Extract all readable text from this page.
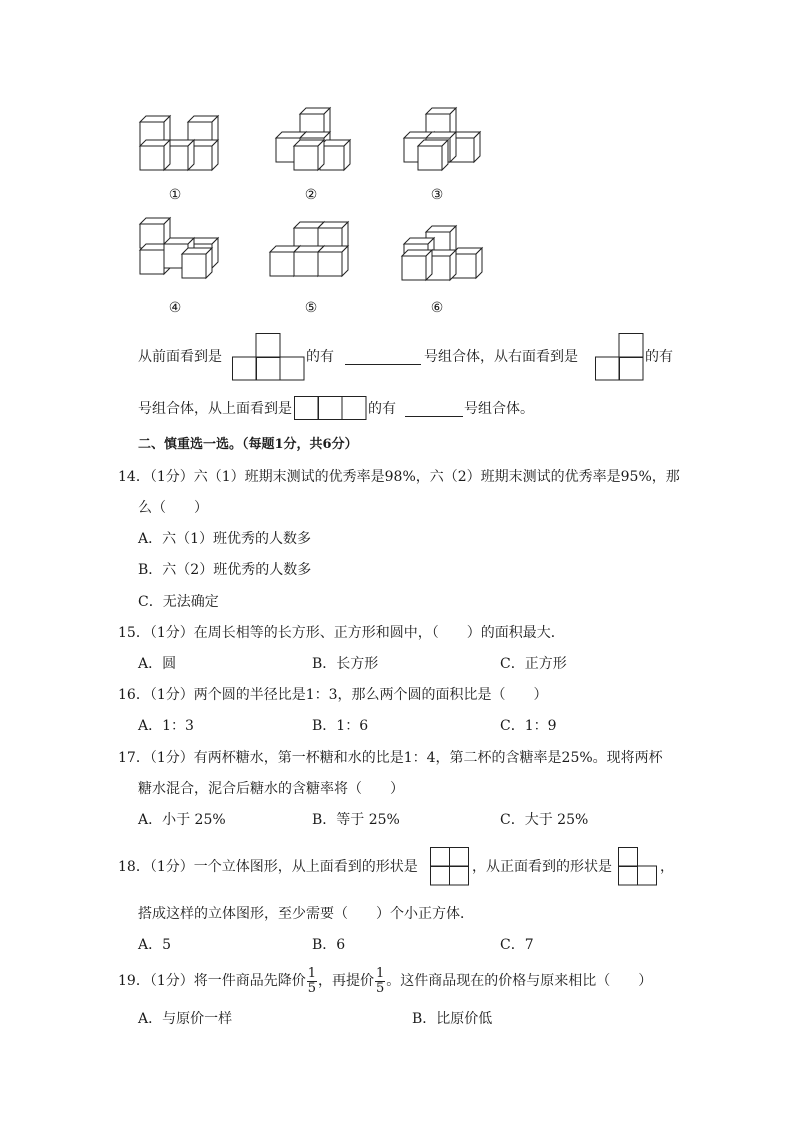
①	②	③
④	⑤	⑥
从前面看到是	的有	号组合体，从右面看到是	的有
号组合体，从上面看到是	的有	号组合体。
二、慎重选一选。（每题1分，共6分）
14．（1分）六（1）班期末测试的优秀率是98%，六（2）班期末测试的优秀率是95%，那
么（　　）
A．六（1）班优秀的人数多
B．六（2）班优秀的人数多
C．无法确定
15．（1分）在周长相等的长方形、正方形和圆中，（　　）的面积最大．
A．圆	B．长方形	C．正方形
16．（1分）两个圆的半径比是1：3，那么两个圆的面积比是（　　）
A．1：3	B．1：6	C．1：9
17．（1分）有两杯糖水，第一杯糖和水的比是1：4，第二杯的含糖率是25%。现将两杯
糖水混合，泥合后糖水的含糖率将（　　）
A．小于 25%	B．等于 25%	C．大于 25%
18．（1分）一个立体图形，从上面看到的形状是	，从正面看到的形状是	，
搭成这样的立体图形，至少需要（　　）个小正方体．
A．5	B．6	C．7
19．（1分）将一件商品先降价 $\frac{1}{5}$ ，再提价 $\frac{1}{5}$ 。这件商品现在的价格与原来相比（　　）
A．与原价一样	B．比原价低
